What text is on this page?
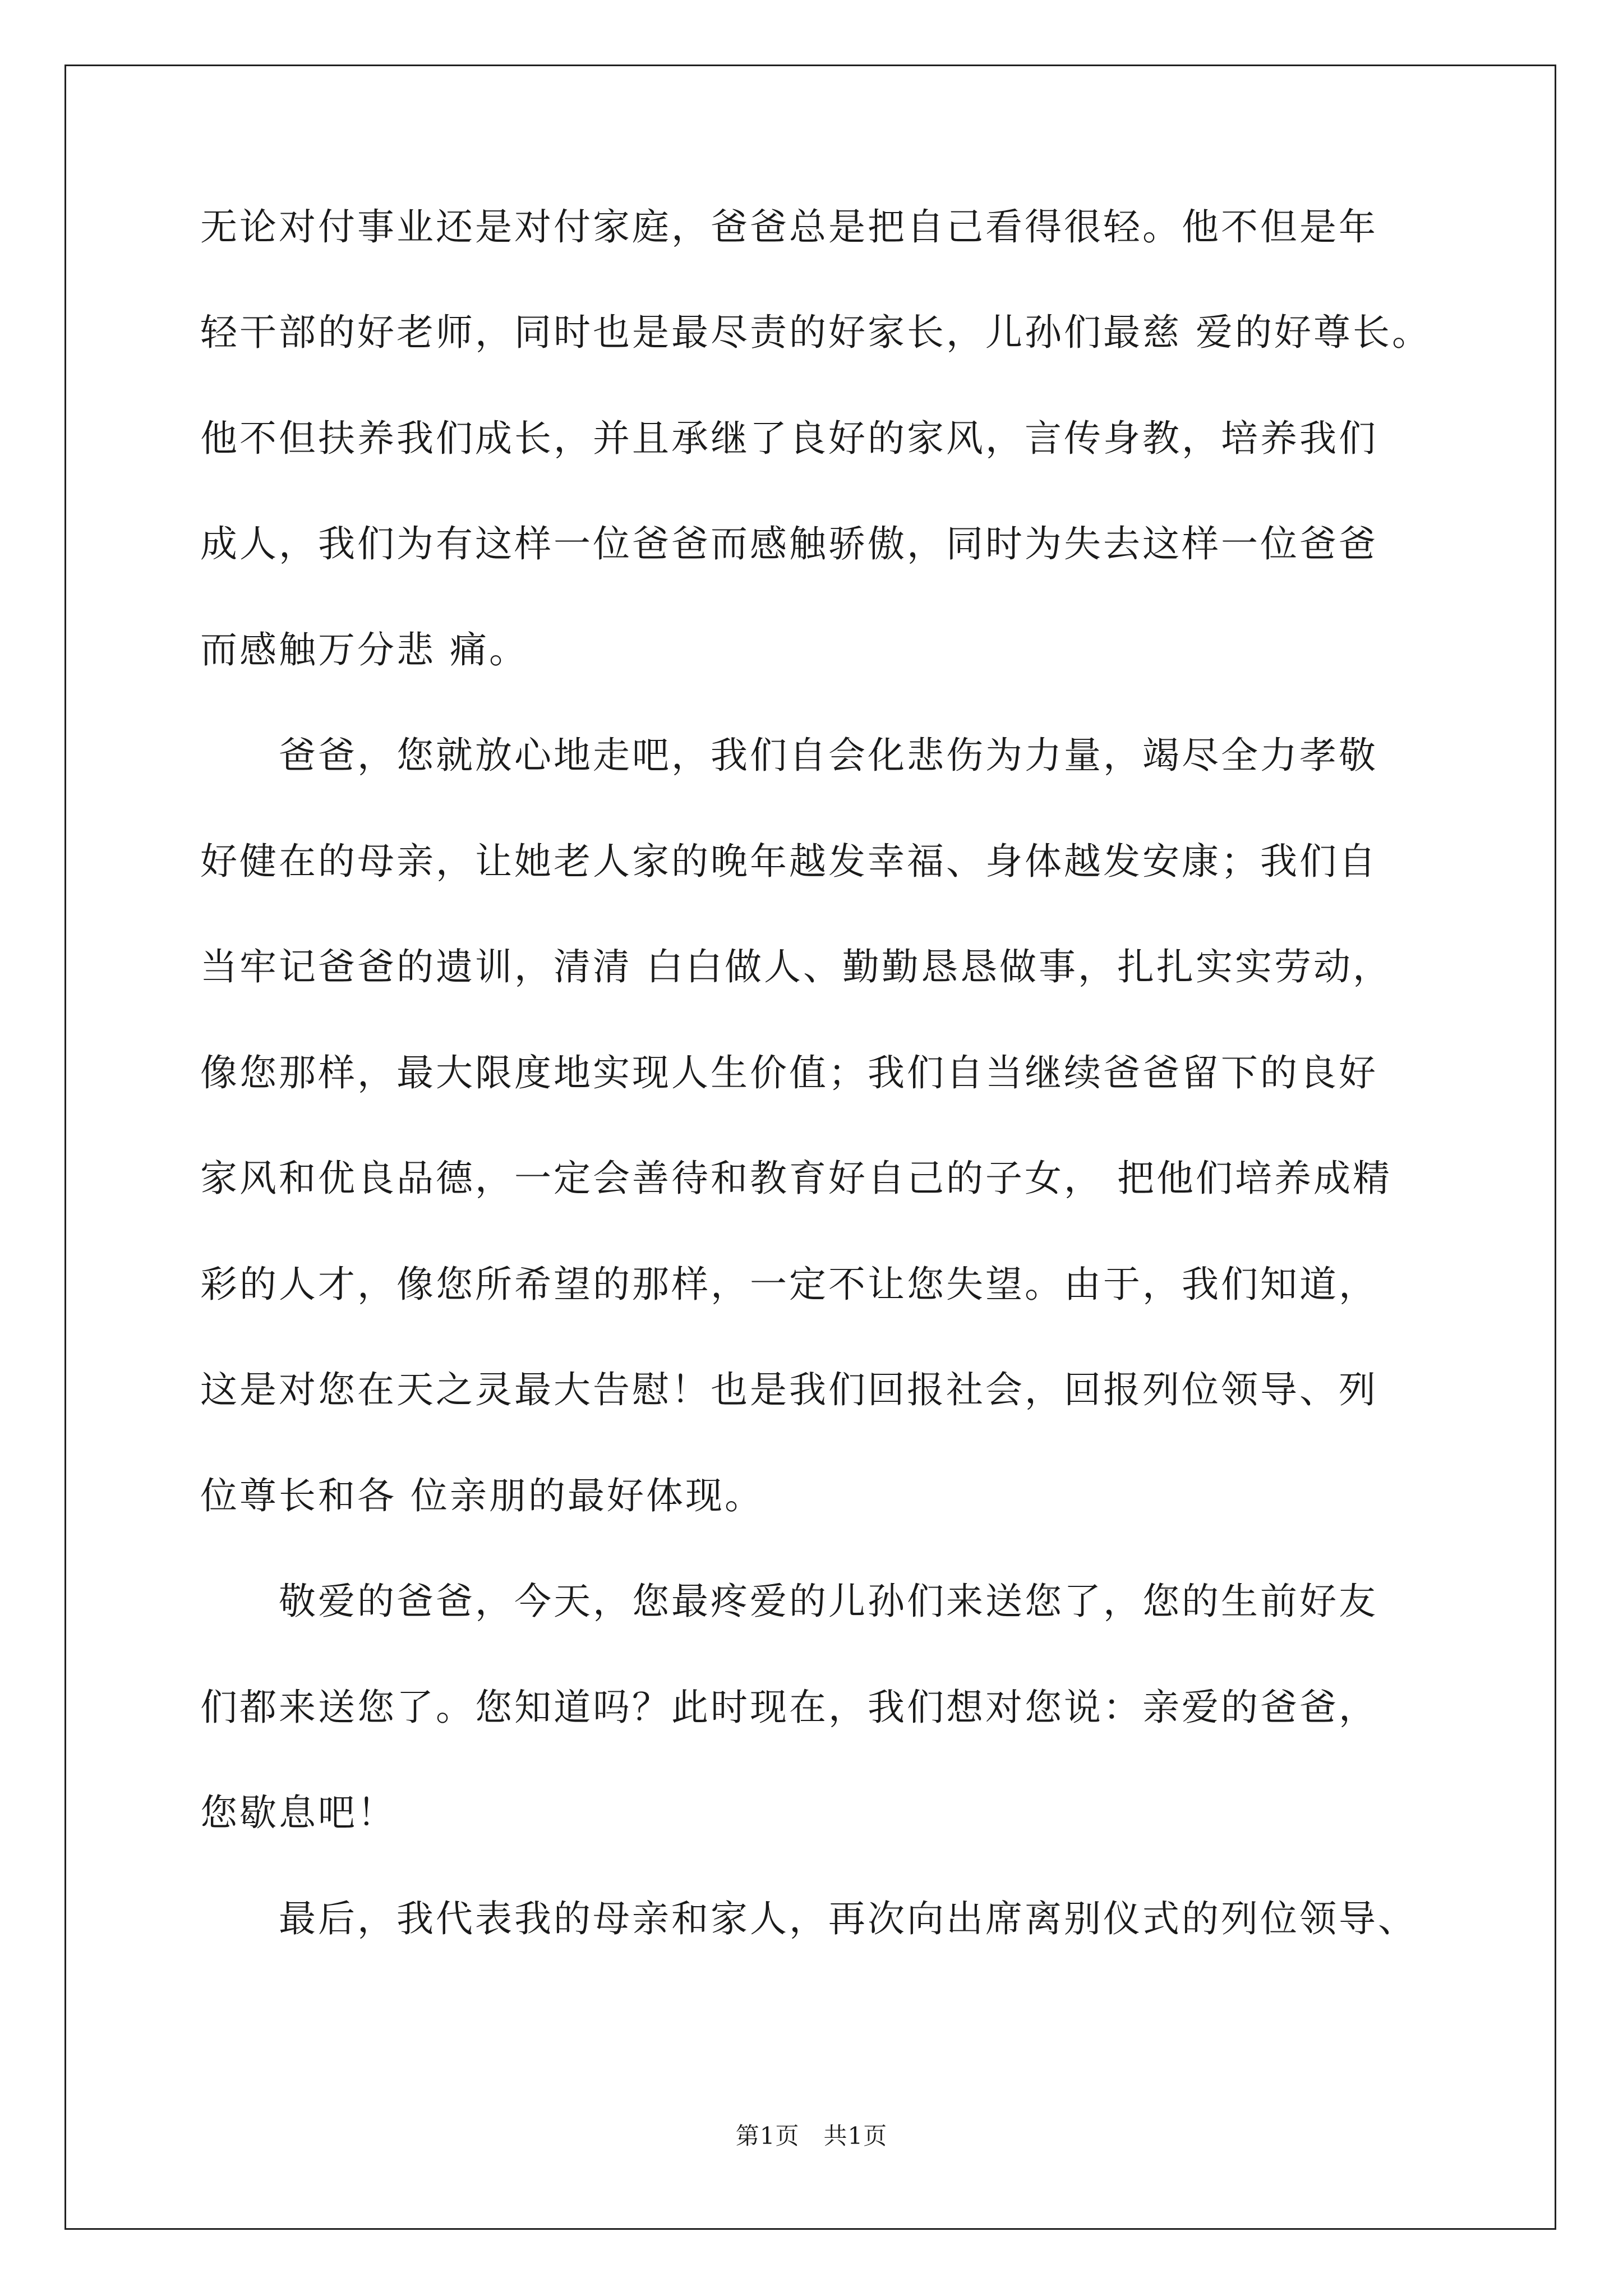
无论对付事业还是对付家庭，爸爸总是把自己看得很轻。他不但是年
轻干部的好老师，同时也是最尽责的好家长，儿孙们最慈 爱的好尊长。
他不但扶养我们成长，并且承继了良好的家风，言传身教，培养我们
成人，我们为有这样一位爸爸而感触骄傲，同时为失去这样一位爸爸
而感触万分悲 痛。
　　爸爸，您就放心地走吧，我们自会化悲伤为力量，竭尽全力孝敬
好健在的母亲，让她老人家的晚年越发幸福、身体越发安康；我们自
当牢记爸爸的遗训，清清 白白做人、勤勤恳恳做事，扎扎实实劳动，
像您那样，最大限度地实现人生价值；我们自当继续爸爸留下的良好
家风和优良品德，一定会善待和教育好自己的子女， 把他们培养成精
彩的人才，像您所希望的那样，一定不让您失望。由于，我们知道，
这是对您在天之灵最大告慰！也是我们回报社会，回报列位领导、列
位尊长和各 位亲朋的最好体现。
　　敬爱的爸爸，今天，您最疼爱的儿孙们来送您了，您的生前好友
们都来送您了。您知道吗？此时现在，我们想对您说：亲爱的爸爸，
您歇息吧！
　　最后，我代表我的母亲和家人，再次向出席离别仪式的列位领导、
第1页　共1页
